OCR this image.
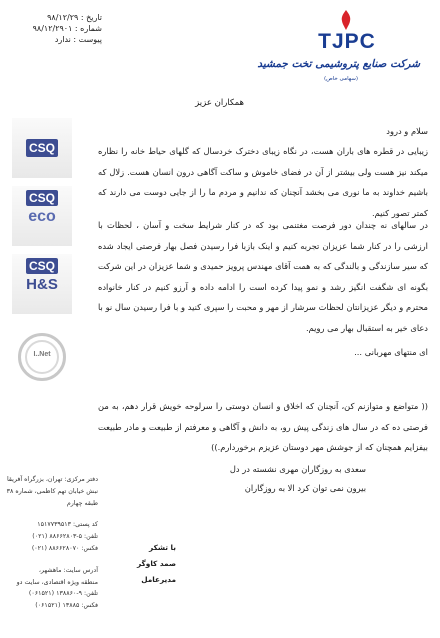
تاریخ : ۹۸/۱۲/۲۹
شماره : ۹۸/۱۲/۲۹۰۱
پیوست : ندارد	TJPC
شرکت صنایع پتروشیمی تخت جمشید
(سهامی خاص)
CSQ
CSQ
eco
CSQ
H&S
I..Net
همکاران عزیز
سلام و درود
زیبایی در قطره های باران هست، در نگاه زیبای دخترک خردسال که گلهای حیاط خانه را نظاره میکند نیز هست ولی بیشتر از آن در فضای خاموش و ساکت آگاهی درون انسان هست. زلال که باشیم خداوند به ما نوری می بخشد آنچنان که ندانیم و مردم ما را از جایی دوست می دارند که کمتر تصور کنیم.
در سالهای نه چندان دور فرصت مغتنمی بود که در کنار شرایط سخت و آسان ، لحظات با ارزشی را در کنار شما عزیزان تجربه کنیم و اینک بازبا فرا رسیدن فصل بهار فرصتی ایجاد شده که سیر سازندگی و بالندگی که به همت آقای مهندس پرویز حمیدی و شما عزیزان در این شرکت بگونه ای شگفت انگیز رشد و نمو پیدا کرده است را ادامه داده و آرزو کنیم در کنار خانواده محترم و دیگر عزیزانتان لحظات سرشار از مهر و محبت را سپری کنید و با فرا رسیدن سال نو با دعای خیر به استقبال بهار می رویم.
ای منتهای مهربانی ...
(( متواضع و متوازنم کن، آنچنان که اخلاق و انسان دوستی را سرلوحه خویش قرار دهم، به من فرصتی ده که در سال های زندگی پیش رو، به دانش و آگاهی و معرفتم از طبیعت و مادر طبیعت بیفزایم همچنان که از جوشش مهر دوستان عزیزم برخوردارم.))
سعدی به روزگاران مهری نشسته در دل
بیرون نمی توان کرد الا به روزگاران
با تشکر
صمد کاوگر
مدیرعامل
دفتر مرکزی: تهران، بزرگراه آفریقا
نبش خیابان تهم کاظمی، شماره ۳۸
طبقه چهارم
کد پستی: ۱۵۱۷۷۳۹۵۱۳
تلفن: ۵-۸۸۶۶۲۸۰۳ (۰۲۱)
فکس: ۸۸۶۶۲۸۰۷۰ (۰۲۱)
آدرس سایت: ماهشهر،
منطقه ویژه اقتصادی، سایت دو
تلفن: ۹-۱۳۸۸۶۰ (۰۶۱۵۲۱)
فکس: ۱۳۸۸۵ (۰۶۱۵۲۱)
